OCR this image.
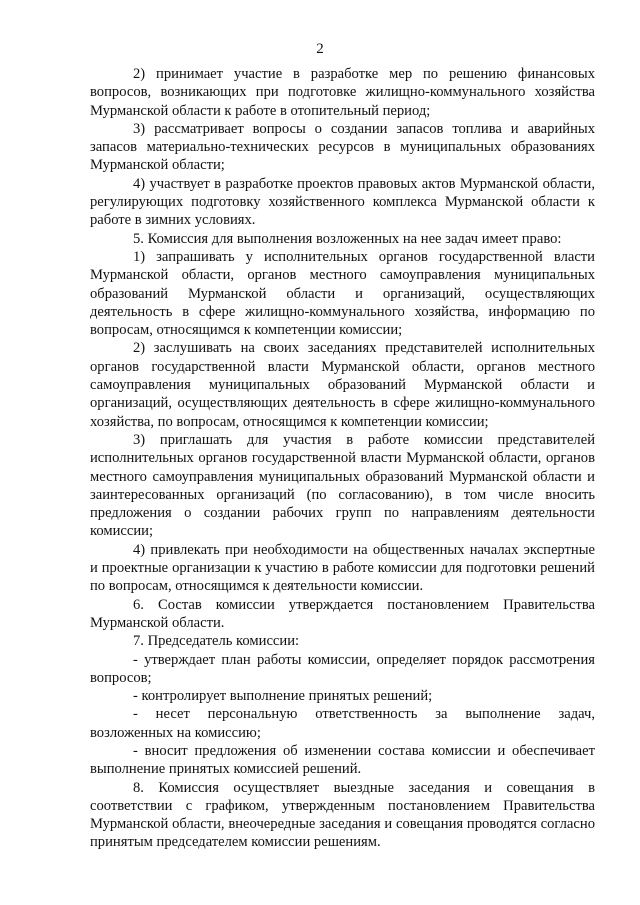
2

2) принимает участие в разработке мер по решению финансовых вопросов, возникающих при подготовке жилищно-коммунального хозяйства Мурманской области к работе в отопительный период;

3) рассматривает вопросы о создании запасов топлива и аварийных запасов материально-технических ресурсов в муниципальных образованиях Мурманской области;

4) участвует в разработке проектов правовых актов Мурманской области, регулирующих подготовку хозяйственного комплекса Мурманской области к работе в зимних условиях.

5. Комиссия для выполнения возложенных на нее задач имеет право:

1) запрашивать у исполнительных органов государственной власти Мурманской области, органов местного самоуправления муниципальных образований Мурманской области и организаций, осуществляющих деятельность в сфере жилищно-коммунального хозяйства, информацию по вопросам, относящимся к компетенции комиссии;

2) заслушивать на своих заседаниях представителей исполнительных органов государственной власти Мурманской области, органов местного самоуправления муниципальных образований Мурманской области и организаций, осуществляющих деятельность в сфере жилищно-коммунального хозяйства, по вопросам, относящимся к компетенции комиссии;

3) приглашать для участия в работе комиссии представителей исполнительных органов государственной власти Мурманской области, органов местного самоуправления муниципальных образований Мурманской области и заинтересованных организаций (по согласованию), в том числе вносить предложения о создании рабочих групп по направлениям деятельности комиссии;

4) привлекать при необходимости на общественных началах экспертные и проектные организации к участию в работе комиссии для подготовки решений по вопросам, относящимся к деятельности комиссии.

6. Состав комиссии утверждается постановлением Правительства Мурманской области.

7. Председатель комиссии:

- утверждает план работы комиссии, определяет порядок рассмотрения вопросов;

- контролирует выполнение принятых решений;

- несет персональную ответственность за выполнение задач, возложенных на комиссию;

- вносит предложения об изменении состава комиссии и обеспечивает выполнение принятых комиссией решений.

8. Комиссия осуществляет выездные заседания и совещания в соответствии с графиком, утвержденным постановлением Правительства Мурманской области, внеочередные заседания и совещания проводятся согласно принятым председателем комиссии решениям.
